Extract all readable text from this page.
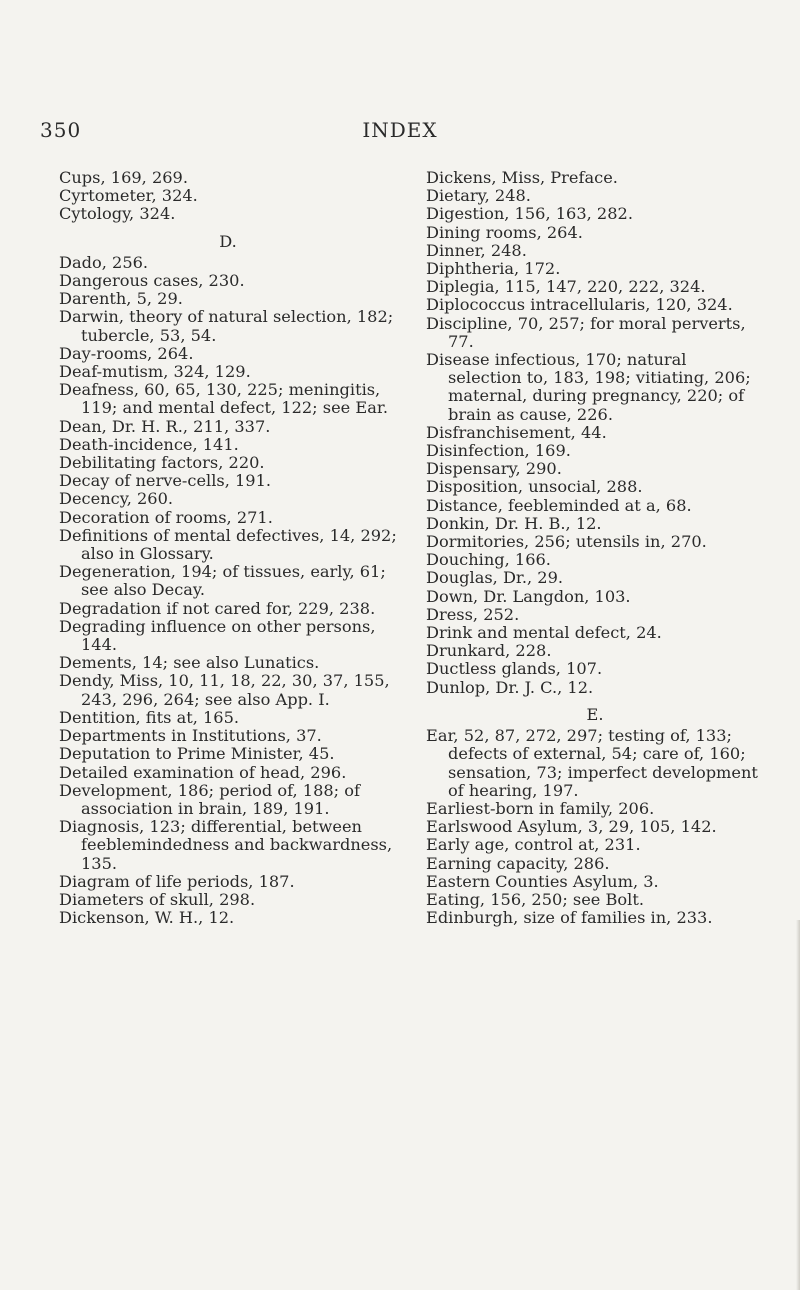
350	INDEX
Cups, 169, 269.
Cyrtometer, 324.
Cytology, 324.
D.
Dado, 256.
Dangerous cases, 230.
Darenth, 5, 29.
Darwin, theory of natural selection, 182; tubercle, 53, 54.
Day-rooms, 264.
Deaf-mutism, 324, 129.
Deafness, 60, 65, 130, 225; meningitis, 119; and mental defect, 122; see Ear.
Dean, Dr. H. R., 211, 337.
Death-incidence, 141.
Debilitating factors, 220.
Decay of nerve-cells, 191.
Decency, 260.
Decoration of rooms, 271.
Definitions of mental defectives, 14, 292; also in Glossary.
Degeneration, 194; of tissues, early, 61; see also Decay.
Degradation if not cared for, 229, 238.
Degrading influence on other persons, 144.
Dements, 14; see also Lunatics.
Dendy, Miss, 10, 11, 18, 22, 30, 37, 155, 243, 296, 264; see also App. I.
Dentition, fits at, 165.
Departments in Institutions, 37.
Deputation to Prime Minister, 45.
Detailed examination of head, 296.
Development, 186; period of, 188; of association in brain, 189, 191.
Diagnosis, 123; differential, between feeblemindedness and backwardness, 135.
Diagram of life periods, 187.
Diameters of skull, 298.
Dickenson, W. H., 12.
Dickens, Miss, Preface.
Dietary, 248.
Digestion, 156, 163, 282.
Dining rooms, 264.
Dinner, 248.
Diphtheria, 172.
Diplegia, 115, 147, 220, 222, 324.
Diplococcus intracellularis, 120, 324.
Discipline, 70, 257; for moral perverts, 77.
Disease infectious, 170; natural selection to, 183, 198; vitiating, 206; maternal, during pregnancy, 220; of brain as cause, 226.
Disfranchisement, 44.
Disinfection, 169.
Dispensary, 290.
Disposition, unsocial, 288.
Distance, feebleminded at a, 68.
Donkin, Dr. H. B., 12.
Dormitories, 256; utensils in, 270.
Douching, 166.
Douglas, Dr., 29.
Down, Dr. Langdon, 103.
Dress, 252.
Drink and mental defect, 24.
Drunkard, 228.
Ductless glands, 107.
Dunlop, Dr. J. C., 12.
E.
Ear, 52, 87, 272, 297; testing of, 133; defects of external, 54; care of, 160; sensation, 73; imperfect development of hearing, 197.
Earliest-born in family, 206.
Earlswood Asylum, 3, 29, 105, 142.
Early age, control at, 231.
Earning capacity, 286.
Eastern Counties Asylum, 3.
Eating, 156, 250; see Bolt.
Edinburgh, size of families in, 233.
